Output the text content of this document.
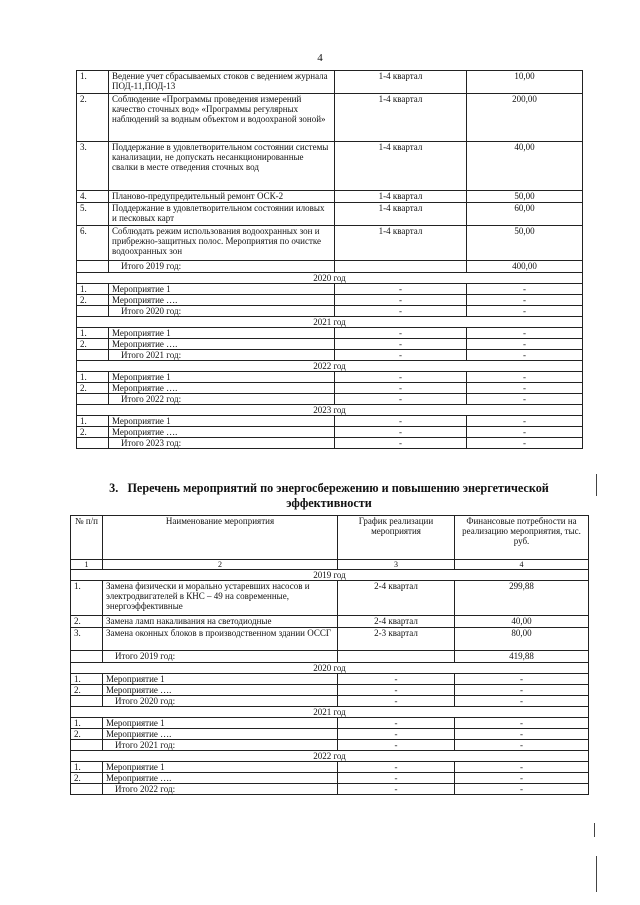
4
1.	Ведение учет сбрасываемых стоков с ведением журнала ПОД-11,ПОД-13	1-4 квартал	10,00
2.	Соблюдение «Программы проведения измерений качество сточных вод» «Программы регулярных наблюдений за водным объектом и водоохраной зоной»	1-4 квартал	200,00
3.	Поддержание в удовлетворительном состоянии системы канализации, не допускать несанкционированные свалки в месте отведения сточных вод	1-4 квартал	40,00
4.	Планово-предупредительный ремонт ОСК-2	1-4 квартал	50,00
5.	Поддержание в удовлетворительном состоянии иловых и песковых карт	1-4 квартал	60,00
6.	Соблюдать режим использования водоохранных зон и прибрежно-защитных полос. Мероприятия по очистке водоохранных зон	1-4 квартал	50,00
	Итого 2019 год:		400,00
2020 год			
1.	Мероприятие 1	-	-
2.	Мероприятие ….	-	-
	Итого 2020 год:	-	-
2021 год			
1.	Мероприятие 1	-	-
2.	Мероприятие ….	-	-
	Итого 2021 год:	-	-
2022 год			
1.	Мероприятие 1	-	-
2.	Мероприятие ….	-	-
	Итого 2022 год:	-	-
2023 год			
1.	Мероприятие 1	-	-
2.	Мероприятие ….	-	-
	Итого 2023 год:	-	-
3. Перечень мероприятий по энергосбережению и повышению энергетической эффективности
№ п/п	Наименование мероприятия	График реализации мероприятия	Финансовые потребности на реализацию мероприятия, тыс. руб.
1	2	3	4
2019 год			
1.	Замена физически и морально устаревших насосов и электродвигателей в КНС – 49 на современные, энергоэффективные	2-4 квартал	299,88
2.	Замена ламп накаливания на светодиодные	2-4 квартал	40,00
3.	Замена оконных блоков в производственном здании ОССГ	2-3 квартал	80,00
	Итого 2019 год:		419,88
2020 год			
1.	Мероприятие 1	-	-
2.	Мероприятие ….	-	-
	Итого 2020 год:	-	-
2021 год			
1.	Мероприятие 1	-	-
2.	Мероприятие ….	-	-
	Итого 2021 год:	-	-
2022 год			
1.	Мероприятие 1	-	-
2.	Мероприятие ….	-	-
	Итого 2022 год:	-	-
